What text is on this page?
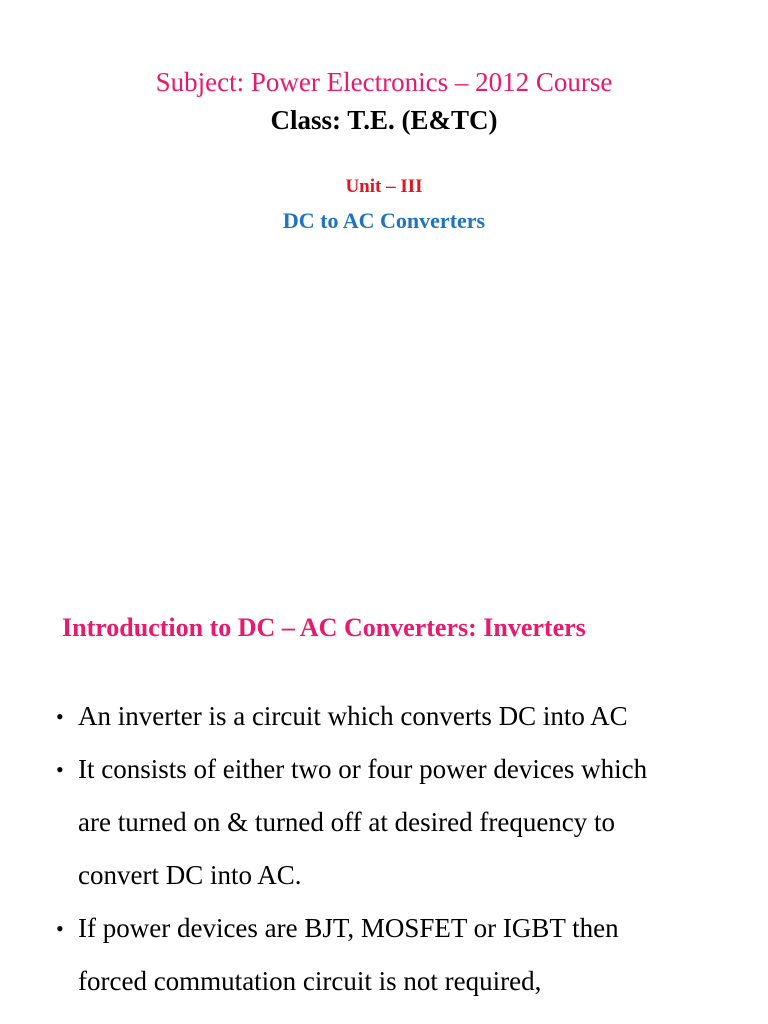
Subject: Power Electronics – 2012 Course
Class: T.E. (E&TC)
Unit – III
DC to AC Converters
Introduction to DC – AC Converters: Inverters
• An inverter is a circuit which converts DC into AC
• It consists of either two or four power devices which
are turned on & turned off at desired frequency to
convert DC into AC.
• If power devices are BJT, MOSFET or IGBT then
forced commutation circuit is not required,
